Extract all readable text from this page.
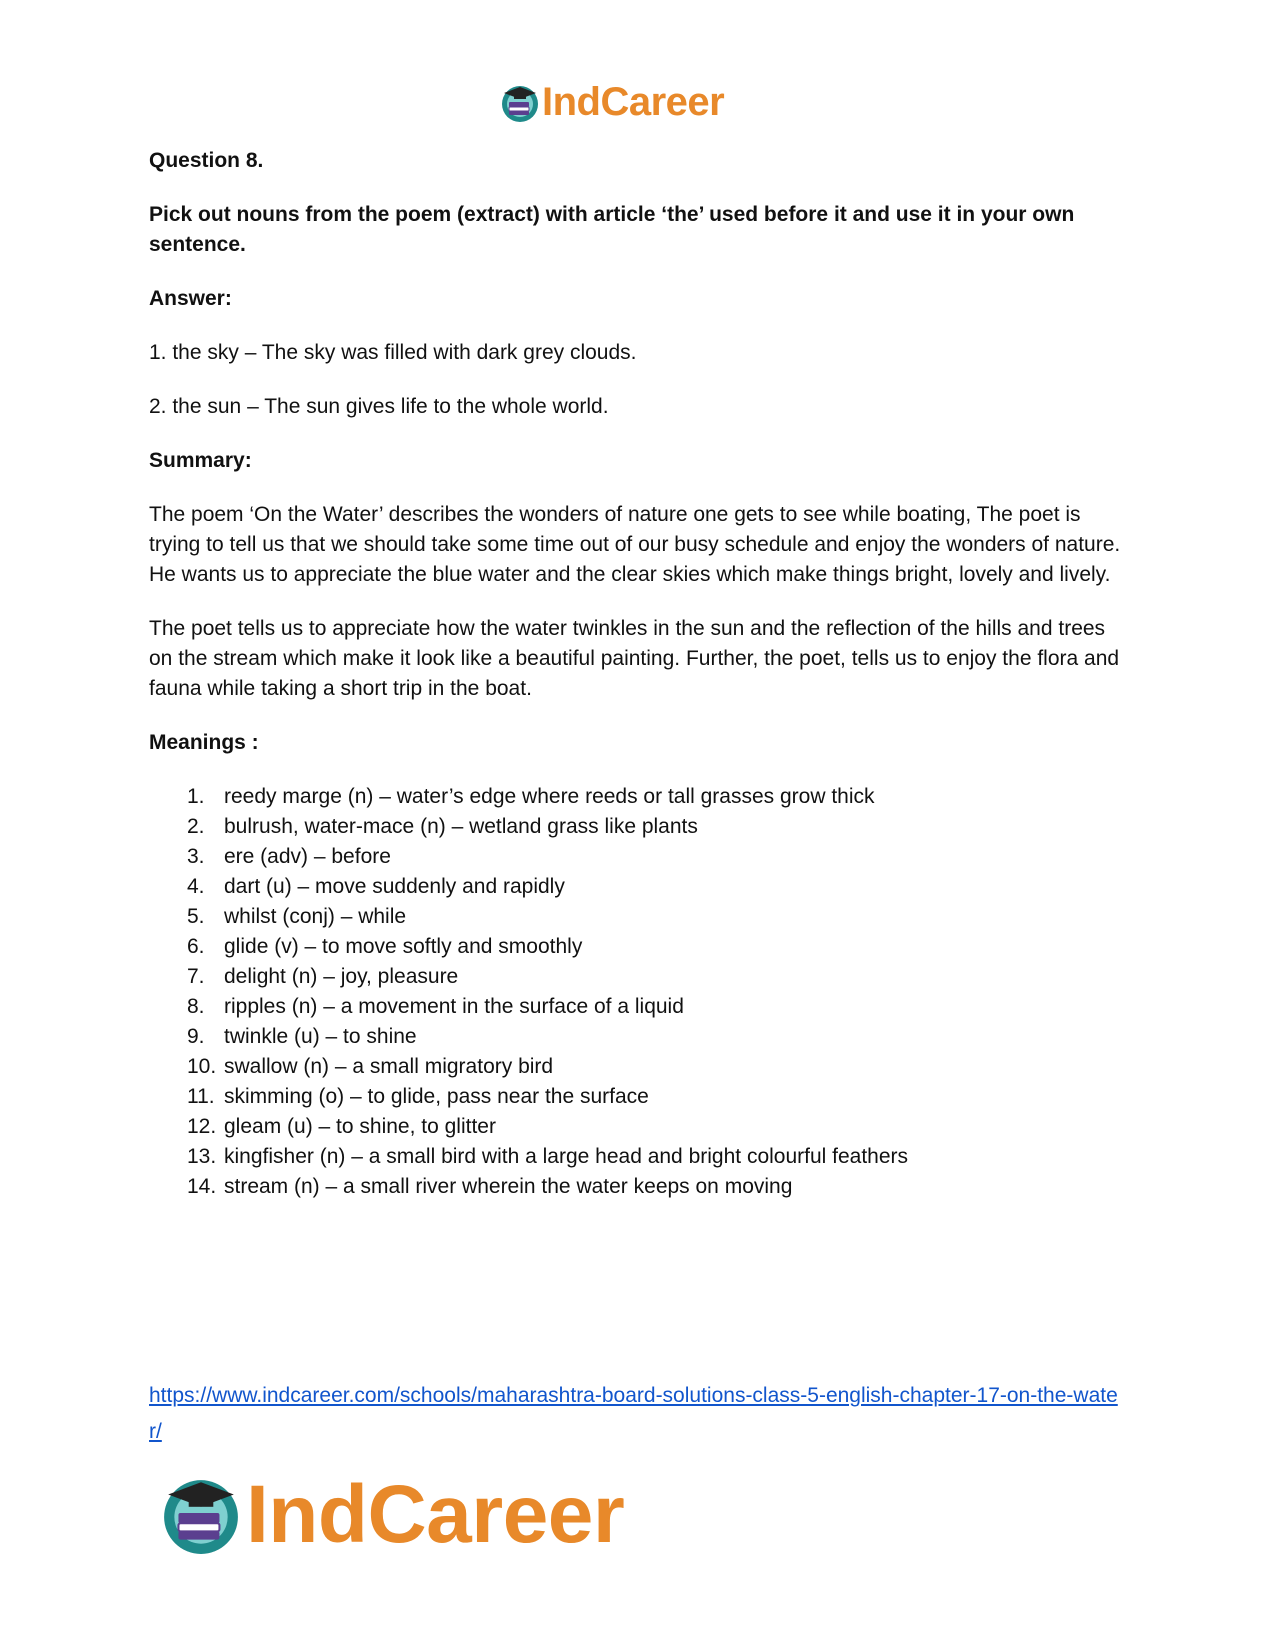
IndCareer

Question 8.

Pick out nouns from the poem (extract) with article ‘the’ used before it and use it in your own sentence.

Answer:

1. the sky – The sky was filled with dark grey clouds.

2. the sun – The sun gives life to the whole world.

Summary:

The poem ‘On the Water’ describes the wonders of nature one gets to see while boating, The poet is trying to tell us that we should take some time out of our busy schedule and enjoy the wonders of nature. He wants us to appreciate the blue water and the clear skies which make things bright, lovely and lively.

The poet tells us to appreciate how the water twinkles in the sun and the reflection of the hills and trees on the stream which make it look like a beautiful painting. Further, the poet, tells us to enjoy the flora and fauna while taking a short trip in the boat.

Meanings :

1. reedy marge (n) – water’s edge where reeds or tall grasses grow thick
2. bulrush, water-mace (n) – wetland grass like plants
3. ere (adv) – before
4. dart (u) – move suddenly and rapidly
5. whilst (conj) – while
6. glide (v) – to move softly and smoothly
7. delight (n) – joy, pleasure
8. ripples (n) – a movement in the surface of a liquid
9. twinkle (u) – to shine
10. swallow (n) – a small migratory bird
11. skimming (o) – to glide, pass near the surface
12. gleam (u) – to shine, to glitter
13. kingfisher (n) – a small bird with a large head and bright colourful feathers
14. stream (n) – a small river wherein the water keeps on moving
https://www.indcareer.com/schools/maharashtra-board-solutions-class-5-english-chapter-17-on-the-water/
IndCareer
